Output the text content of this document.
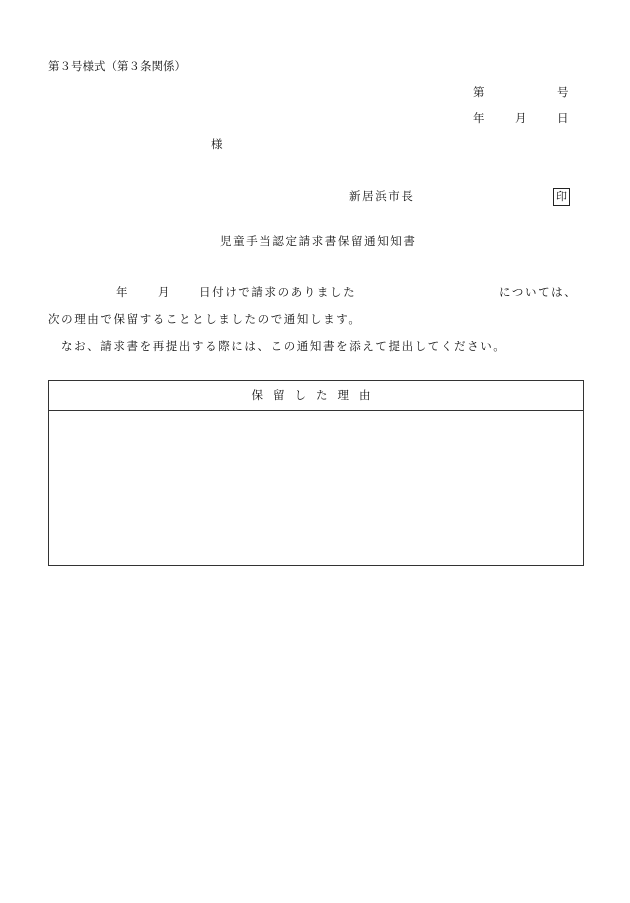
第３号様式（第３条関係）
第	号
年	月	日
様
新居浜市長	印
児童手当認定請求書保留通知知書
年	月	日付けで請求のありました	については、
次の理由で保留することとしましたので通知します。
なお、請求書を再提出する際には、この通知書を添えて提出してください。
保留した理由
